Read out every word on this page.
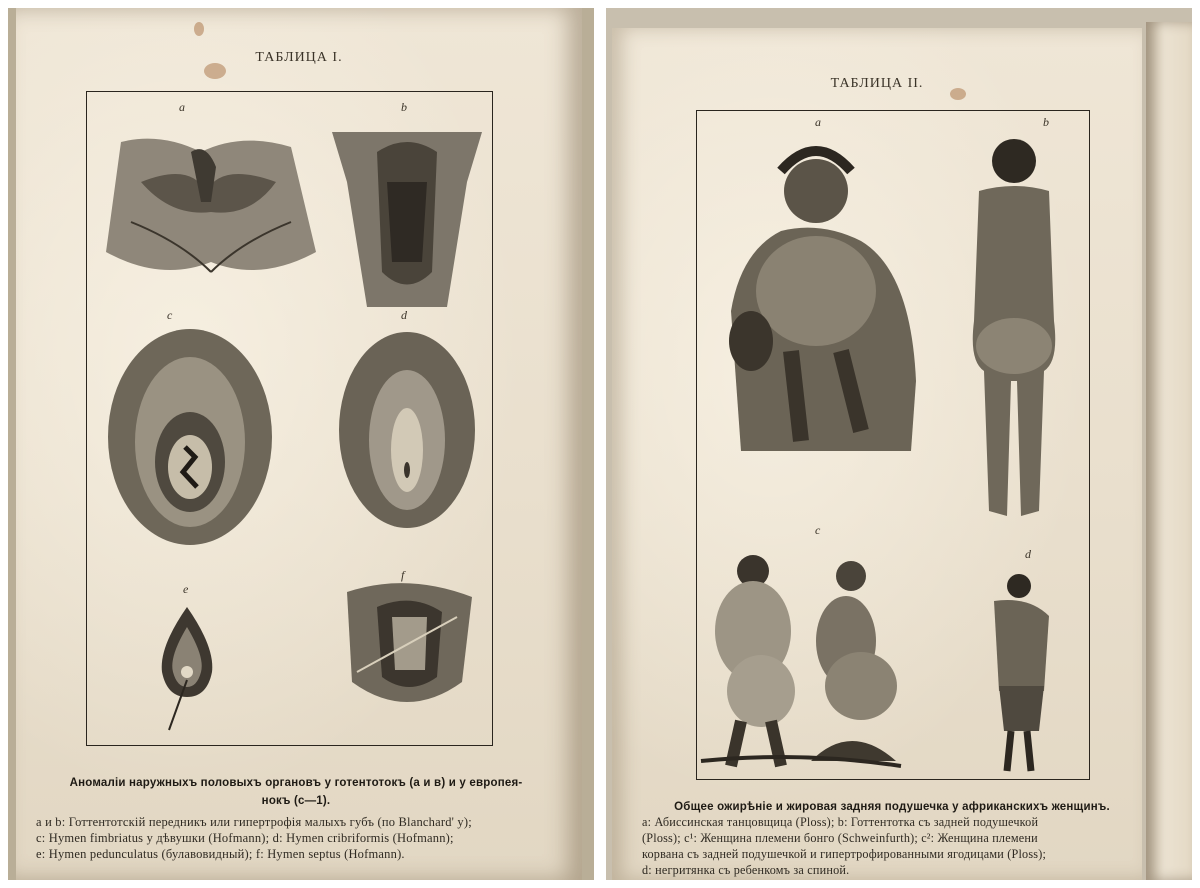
ТАБЛИЦА I.
a	b
c	d
e
f
Аномаліи наружныхъ половыхъ органовъ у готентотокъ (а и в) и у европея-
нокъ (с—1).
a и b: Готтентотскій передникъ или гипертрофія малыхъ губъ (по Blanchard' у);
c: Hymen fimbriatus у дѣвушки (Hofmann); d: Hymen cribriformis (Hofmann);
e: Hymen pedunculatus (булавовидный); f: Hymen septus (Hofmann).
ТАБЛИЦА II.
a	b
c
d
Общее ожирѣніе и жировая задняя подушечка у африканскихъ женщинъ.
a: Абиссинская танцовщица (Ploss); b: Готтентотка съ задней подушечкой
(Ploss); c¹: Женщина племени бонго (Schweinfurth); c²: Женщина племени
корвана съ задней подушечкой и гипертрофированными ягодицами (Ploss);
d: негритянка съ ребенкомъ за спиной.
